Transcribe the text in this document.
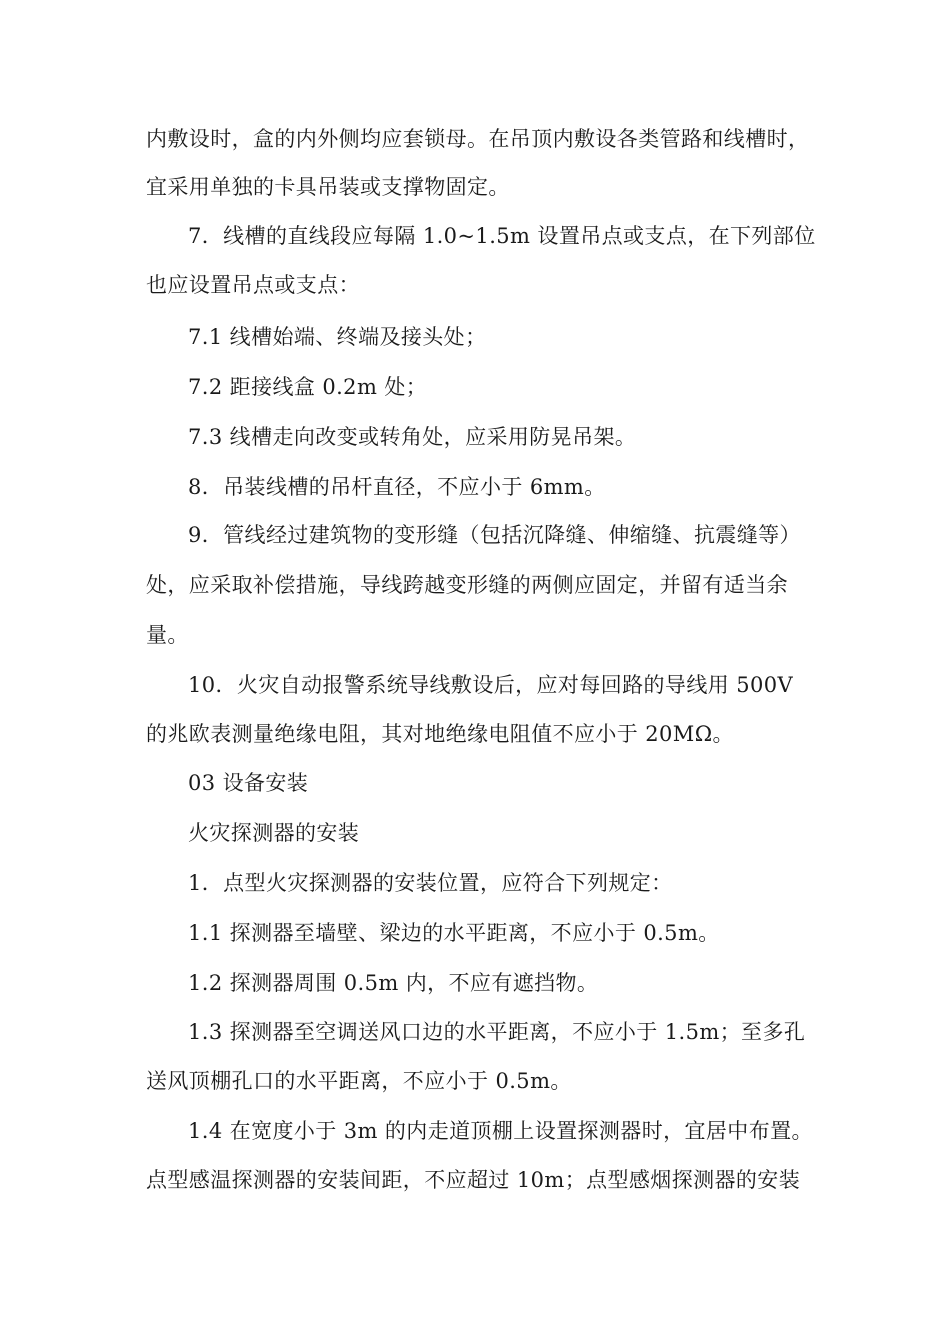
内敷设时，盒的内外侧均应套锁母。在吊顶内敷设各类管路和线槽时，
宜采用单独的卡具吊装或支撑物固定。
7．线槽的直线段应每隔 1.0~1.5m 设置吊点或支点，在下列部位
也应设置吊点或支点：
7.1 线槽始端、终端及接头处；
7.2 距接线盒 0.2m 处；
7.3 线槽走向改变或转角处，应采用防晃吊架。
8．吊装线槽的吊杆直径，不应小于 6mm。
9．管线经过建筑物的变形缝（包括沉降缝、伸缩缝、抗震缝等）
处，应采取补偿措施，导线跨越变形缝的两侧应固定，并留有适当余
量。
10．火灾自动报警系统导线敷设后，应对每回路的导线用 500V
的兆欧表测量绝缘电阻，其对地绝缘电阻值不应小于 20MΩ。
03 设备安装
火灾探测器的安装
1．点型火灾探测器的安装位置，应符合下列规定：
1.1 探测器至墙壁、梁边的水平距离，不应小于 0.5m。
1.2 探测器周围 0.5m 内，不应有遮挡物。
1.3 探测器至空调送风口边的水平距离，不应小于 1.5m；至多孔
送风顶棚孔口的水平距离，不应小于 0.5m。
1.4 在宽度小于 3m 的内走道顶棚上设置探测器时，宜居中布置。
点型感温探测器的安装间距，不应超过 10m；点型感烟探测器的安装
